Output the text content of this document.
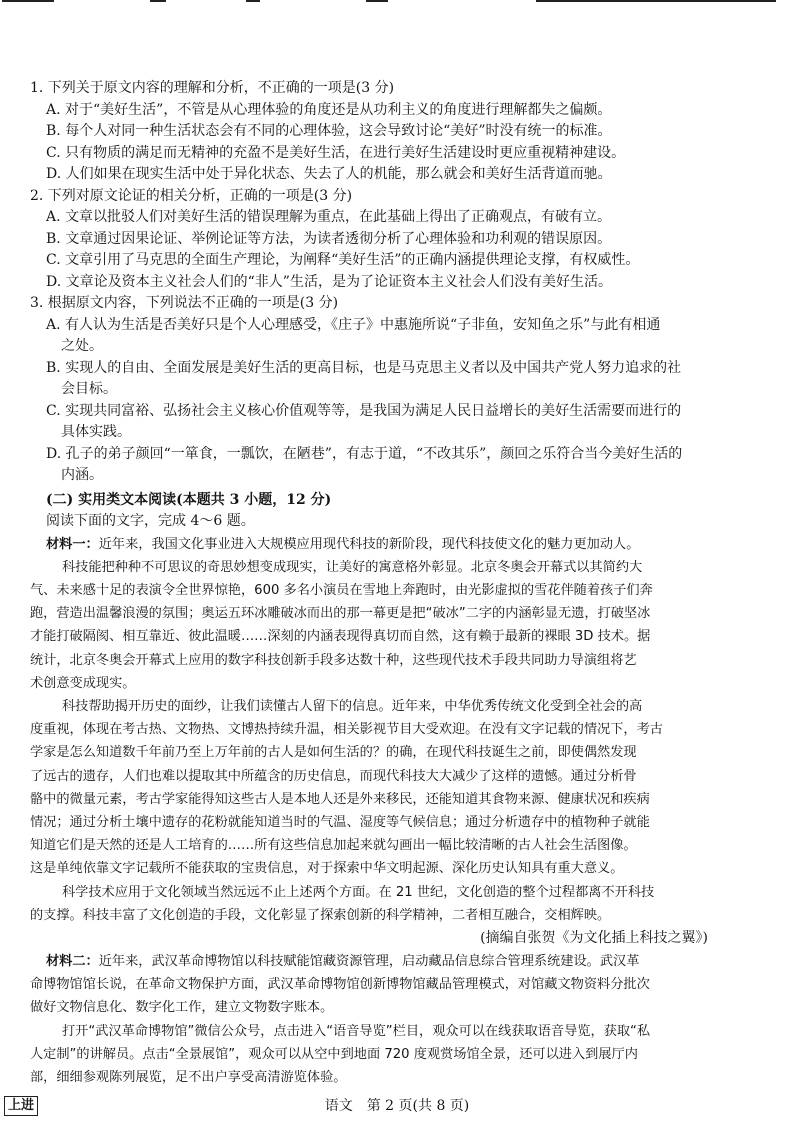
1. 下列关于原文内容的理解和分析，不正确的一项是(3 分)

A. 对于“美好生活”，不管是从心理体验的角度还是从功利主义的角度进行理解都失之偏颇。

B. 每个人对同一种生活状态会有不同的心理体验，这会导致讨论“美好”时没有统一的标准。

C. 只有物质的满足而无精神的充盈不是美好生活，在进行美好生活建设时更应重视精神建设。

D. 人们如果在现实生活中处于异化状态、失去了人的机能，那么就会和美好生活背道而驰。

2. 下列对原文论证的相关分析，正确的一项是(3 分)

A. 文章以批驳人们对美好生活的错误理解为重点，在此基础上得出了正确观点，有破有立。

B. 文章通过因果论证、举例论证等方法，为读者透彻分析了心理体验和功利观的错误原因。

C. 文章引用了马克思的全面生产理论，为阐释“美好生活”的正确内涵提供理论支撑，有权威性。

D. 文章论及资本主义社会人们的“非人”生活，是为了论证资本主义社会人们没有美好生活。

3. 根据原文内容，下列说法不正确的一项是(3 分)

A. 有人认为生活是否美好只是个人心理感受，《庄子》中惠施所说“子非鱼，安知鱼之乐”与此有相通

之处。

B. 实现人的自由、全面发展是美好生活的更高目标，也是马克思主义者以及中国共产党人努力追求的社

会目标。

C. 实现共同富裕、弘扬社会主义核心价值观等等，是我国为满足人民日益增长的美好生活需要而进行的

具体实践。

D. 孔子的弟子颜回“一箪食，一瓢饮，在陋巷”，有志于道，“不改其乐”，颜回之乐符合当今美好生活的

内涵。

(二) 实用类文本阅读(本题共 3 小题，12 分)

阅读下面的文字，完成 4～6 题。

材料一：近年来，我国文化事业进入大规模应用现代科技的新阶段，现代科技使文化的魅力更加动人。

科技能把种种不可思议的奇思妙想变成现实，让美好的寓意格外彰显。北京冬奥会开幕式以其简约大

气、未来感十足的表演令全世界惊艳，600 多名小演员在雪地上奔跑时，由光影虚拟的雪花伴随着孩子们奔

跑，营造出温馨浪漫的氛围；奥运五环冰雕破冰而出的那一幕更是把“破冰”二字的内涵彰显无遗，打破坚冰

才能打破隔阂、相互靠近、彼此温暖……深刻的内涵表现得真切而自然，这有赖于最新的裸眼 3D 技术。据

统计，北京冬奥会开幕式上应用的数字科技创新手段多达数十种，这些现代技术手段共同助力导演组将艺

术创意变成现实。

科技帮助揭开历史的面纱，让我们读懂古人留下的信息。近年来，中华优秀传统文化受到全社会的高

度重视，体现在考古热、文物热、文博热持续升温，相关影视节目大受欢迎。在没有文字记载的情况下，考古

学家是怎么知道数千年前乃至上万年前的古人是如何生活的？的确，在现代科技诞生之前，即使偶然发现

了远古的遗存，人们也难以提取其中所蕴含的历史信息，而现代科技大大减少了这样的遗憾。通过分析骨

骼中的微量元素，考古学家能得知这些古人是本地人还是外来移民，还能知道其食物来源、健康状况和疾病

情况；通过分析土壤中遗存的花粉就能知道当时的气温、湿度等气候信息；通过分析遗存中的植物种子就能

知道它们是天然的还是人工培育的……所有这些信息加起来就勾画出一幅比较清晰的古人社会生活图像。

这是单纯依靠文字记载所不能获取的宝贵信息，对于探索中华文明起源、深化历史认知具有重大意义。

科学技术应用于文化领域当然远远不止上述两个方面。在 21 世纪，文化创造的整个过程都离不开科技

的支撑。科技丰富了文化创造的手段，文化彰显了探索创新的科学精神，二者相互融合，交相辉映。

(摘编自张贺《为文化插上科技之翼》)

材料二：近年来，武汉革命博物馆以科技赋能馆藏资源管理，启动藏品信息综合管理系统建设。武汉革

命博物馆馆长说，在革命文物保护方面，武汉革命博物馆创新博物馆藏品管理模式，对馆藏文物资料分批次

做好文物信息化、数字化工作，建立文物数字账本。

打开“武汉革命博物馆”微信公众号，点击进入“语音导览”栏目，观众可以在线获取语音导览，获取“私

人定制”的讲解员。点击“全景展馆”，观众可以从空中到地面 720 度观赏场馆全景，还可以进入到展厅内

部，细细参观陈列展览，足不出户享受高清游览体验。

上进	语文　第 2 页(共 8 页)
